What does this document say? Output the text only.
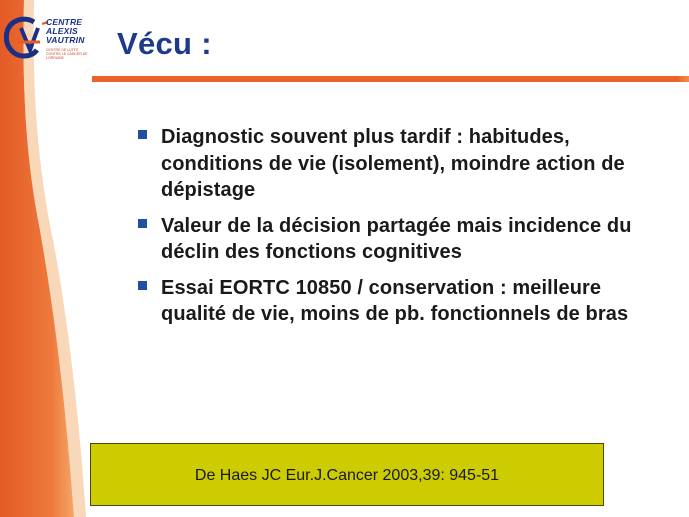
CENTRE
ALEXIS
VAUTRIN
CENTRE DE LUTTE CONTRE LE CANCER DE LORRAINE	Vécu :
Diagnostic souvent plus tardif : habitudes, conditions de vie (isolement), moindre action de dépistage
Valeur de la décision partagée mais incidence du déclin des fonctions cognitives
Essai EORTC 10850 / conservation : meilleure qualité de vie, moins de pb. fonctionnels de bras
De Haes JC Eur.J.Cancer 2003,39: 945-51
